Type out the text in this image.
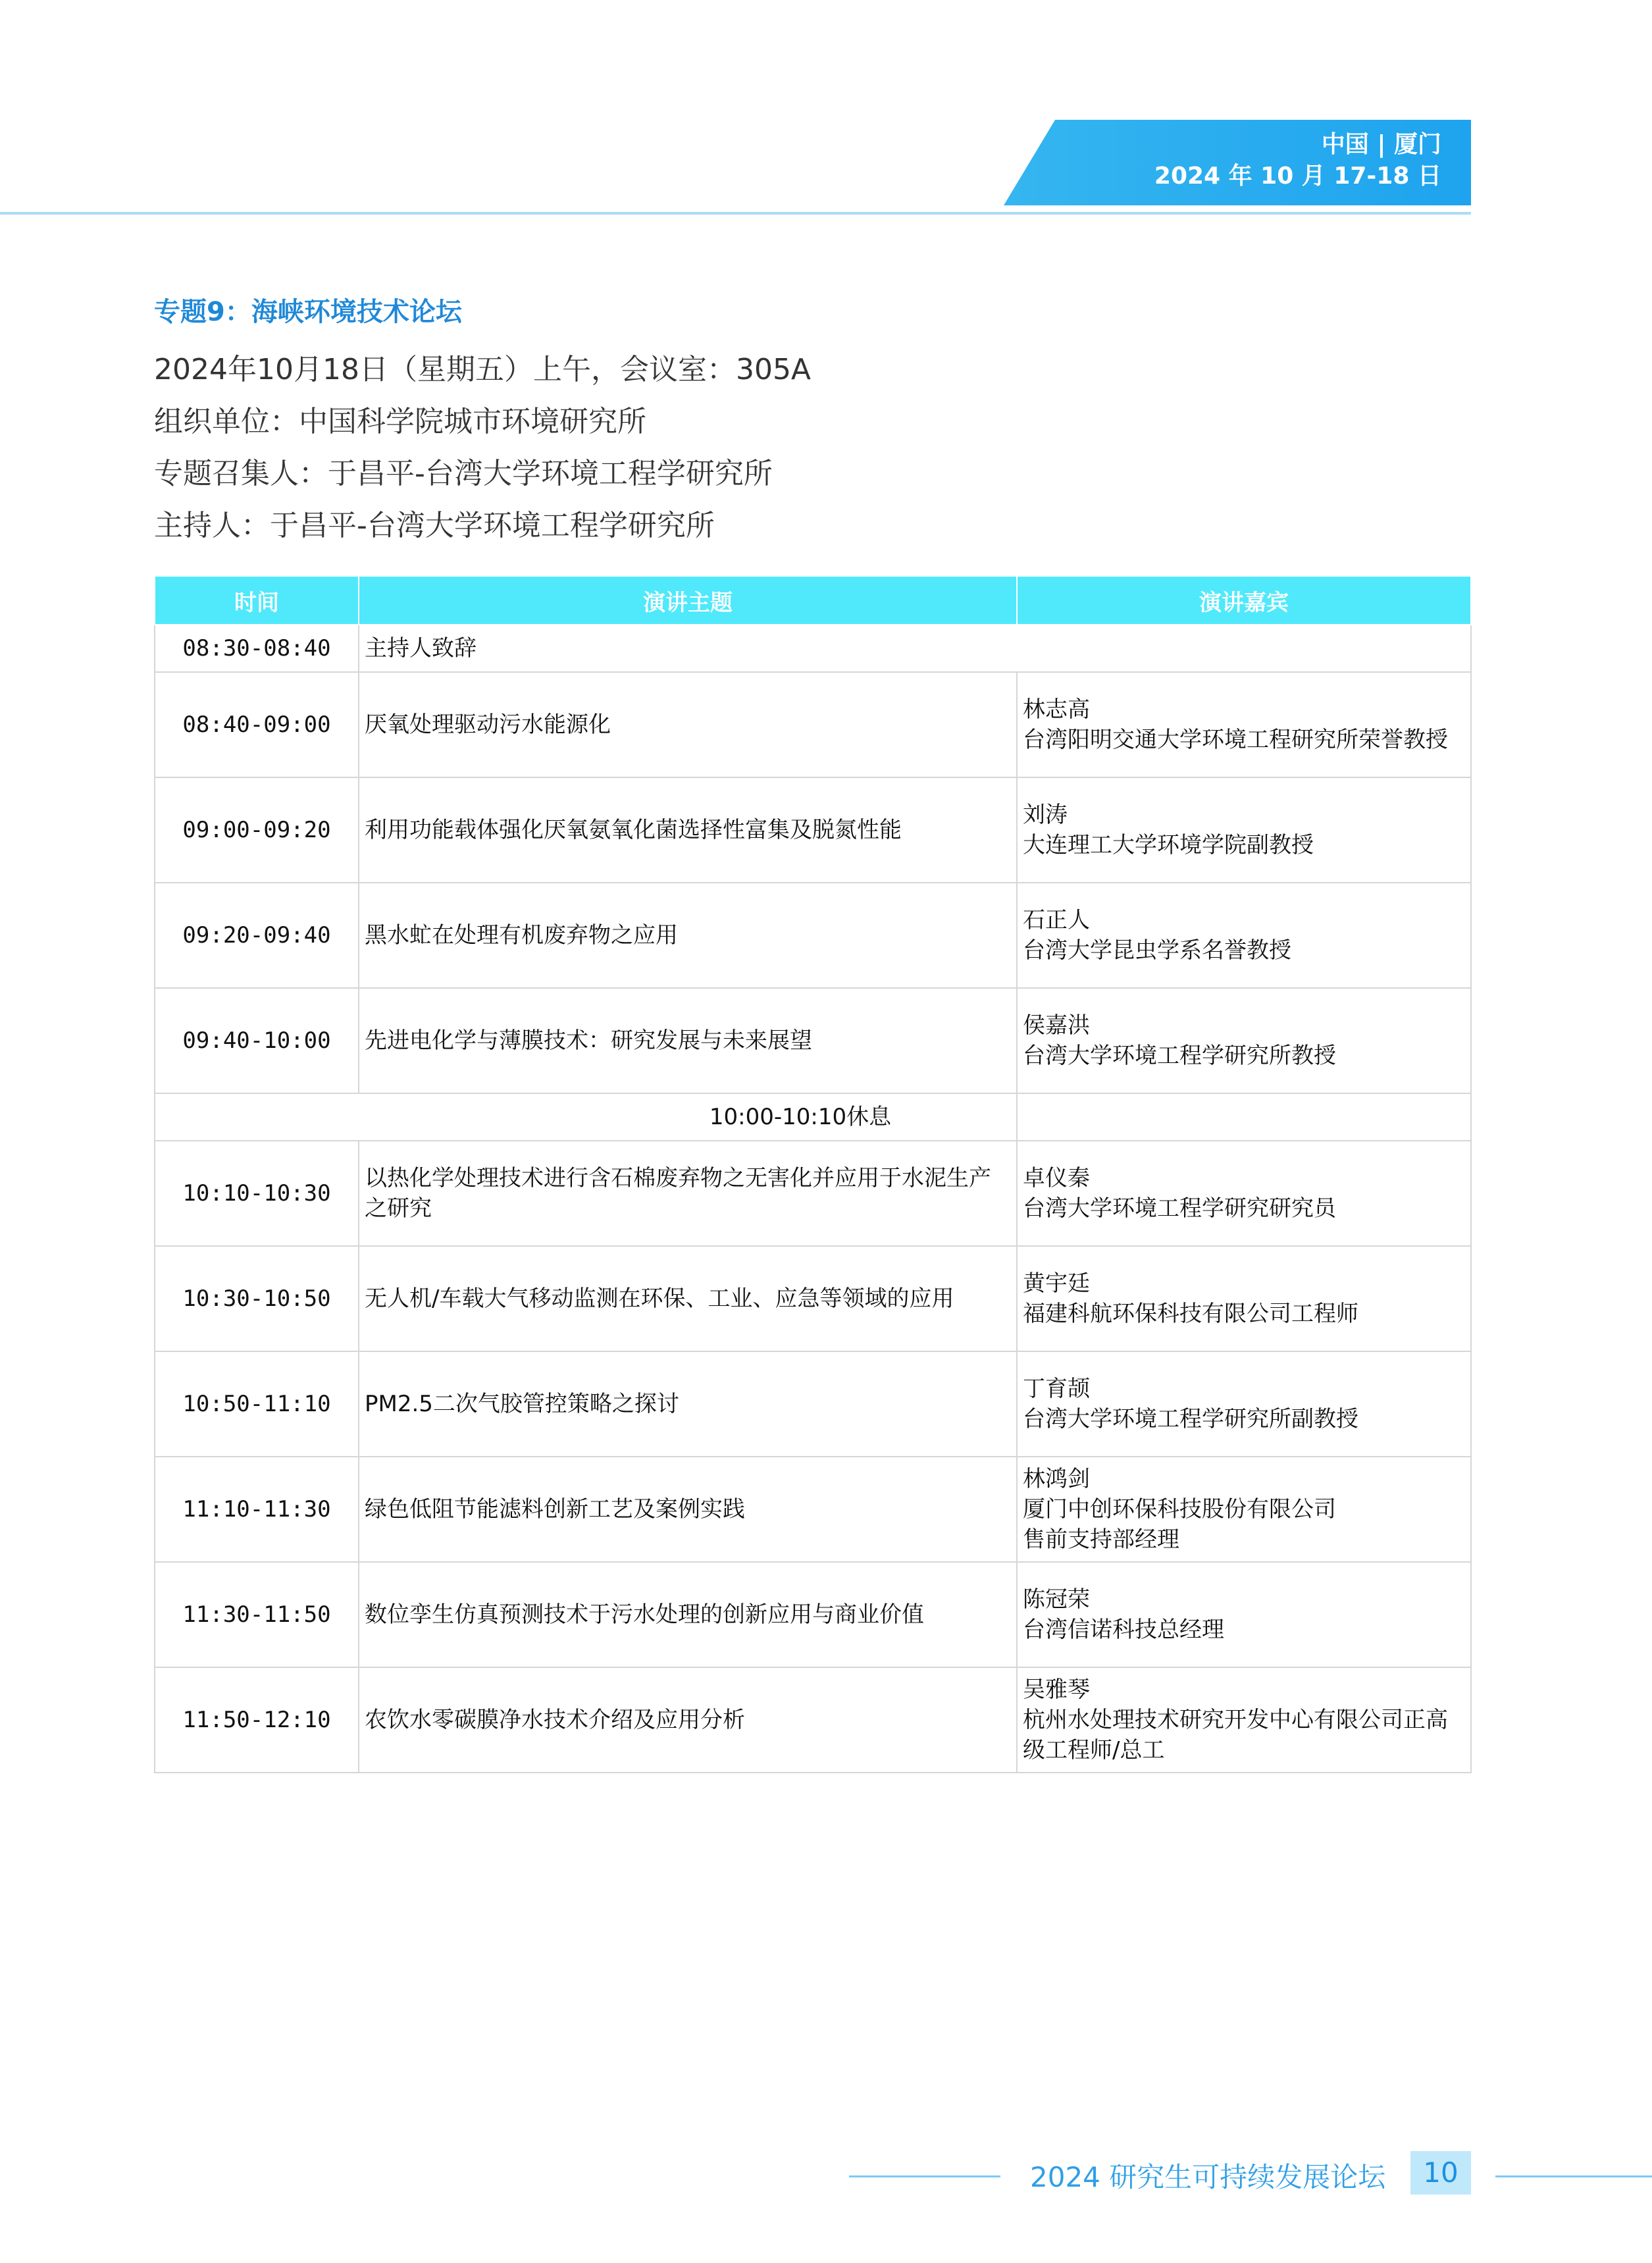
中国 | 厦门
2024 年 10 月 17-18 日
专题9：海峡环境技术论坛
2024年10月18日（星期五）上午，会议室：305A
组织单位：中国科学院城市环境研究所
专题召集人：于昌平-台湾大学环境工程学研究所
主持人：于昌平-台湾大学环境工程学研究所
时间	演讲主题	演讲嘉宾
08:30-08:40	主持人致辞	
08:40-09:00	厌氧处理驱动污水能源化	林志高
台湾阳明交通大学环境工程研究所荣誉教授

09:00-09:20	利用功能载体强化厌氧氨氧化菌选择性富集及脱氮性能	刘涛
大连理工大学环境学院副教授

09:20-09:40	黑水虻在处理有机废弃物之应用	石正人
台湾大学昆虫学系名誉教授

09:40-10:00	先进电化学与薄膜技术：研究发展与未来展望	侯嘉洪
台湾大学环境工程学研究所教授

10:00-10:10休息		
10:10-10:30	以热化学处理技术进行含石棉废弃物之无害化并应用于水泥生产之研究	卓仪秦
台湾大学环境工程学研究研究员

10:30-10:50	无人机/车载大气移动监测在环保、工业、应急等领域的应用	黄宇廷
福建科航环保科技有限公司工程师

10:50-11:10	PM2.5二次气胶管控策略之探讨	丁育颉
台湾大学环境工程学研究所副教授

11:10-11:30	绿色低阻节能滤料创新工艺及案例实践	林鸿剑
厦门中创环保科技股份有限公司
售前支持部经理

11:30-11:50	数位孪生仿真预测技术于污水处理的创新应用与商业价值	陈冠荣
台湾信诺科技总经理

11:50-12:10	农饮水零碳膜净水技术介绍及应用分析	吴雅琴
杭州水处理技术研究开发中心有限公司正高级工程师/总工
2024 研究生可持续发展论坛	10
